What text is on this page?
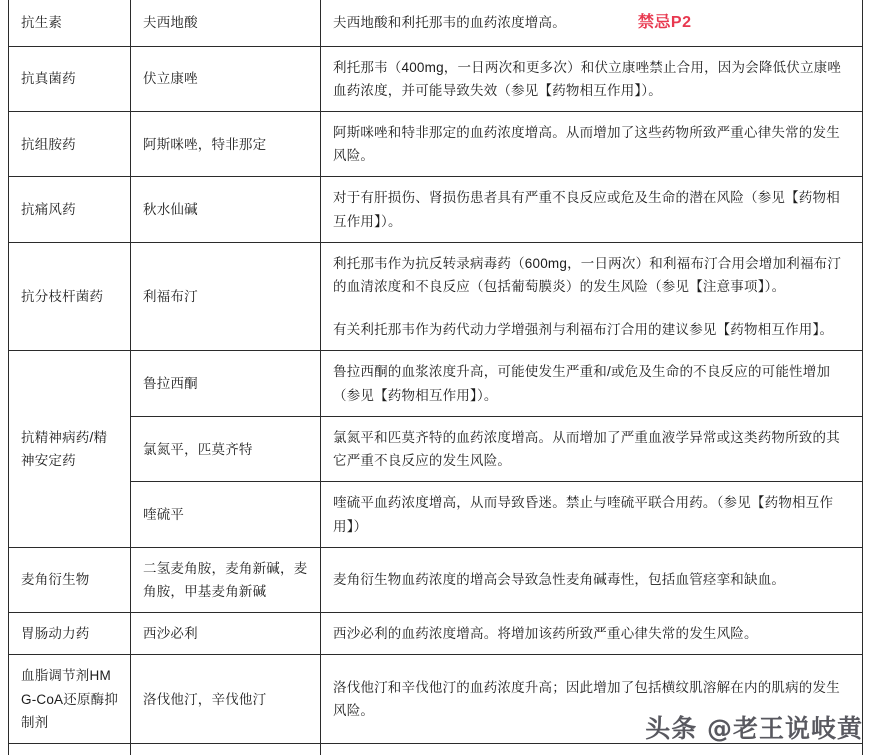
抗生素	夫西地酸	夫西地酸和利托那韦的血药浓度增高。 禁忌P2

抗真菌药	伏立康唑	利托那韦（400mg，一日两次和更多次）和伏立康唑禁止合用，因为会降低伏立康唑血药浓度，并可能导致失效（参见【药物相互作用】）。

抗组胺药	阿斯咪唑，特非那定	阿斯咪唑和特非那定的血药浓度增高。从而增加了这些药物所致严重心律失常的发生风险。

抗痛风药	秋水仙碱	对于有肝损伤、肾损伤患者具有严重不良反应或危及生命的潜在风险（参见【药物相互作用】）。

抗分枝杆菌药	利福布汀	利托那韦作为抗反转录病毒药（600mg，一日两次）和利福布汀合用会增加利福布汀的血清浓度和不良反应（包括葡萄膜炎）的发生风险（参见【注意事项】）。

有关利托那韦作为药代动力学增强剂与利福布汀合用的建议参见【药物相互作用】。

抗精神病药/精神安定药	鲁拉西酮	鲁拉西酮的血浆浓度升高，可能使发生严重和/或危及生命的不良反应的可能性增加（参见【药物相互作用】）。

	氯氮平，匹莫齐特	氯氮平和匹莫齐特的血药浓度增高。从而增加了严重血液学异常或这类药物所致的其它严重不良反应的发生风险。

	喹硫平	喹硫平血药浓度增高，从而导致昏迷。禁止与喹硫平联合用药。（参见【药物相互作用】）

麦角衍生物	二氢麦角胺，麦角新碱，麦角胺，甲基麦角新碱	麦角衍生物血药浓度的增高会导致急性麦角碱毒性，包括血管痉挛和缺血。

胃肠动力药	西沙必利	西沙必利的血药浓度增高。将增加该药所致严重心律失常的发生风险。

血脂调节剂HMG-CoA还原酶抑制剂	洛伐他汀，辛伐他汀	洛伐他汀和辛伐他汀的血药浓度升高；因此增加了包括横纹肌溶解在内的肌病的发生风险。

头条 @老王说岐黄
